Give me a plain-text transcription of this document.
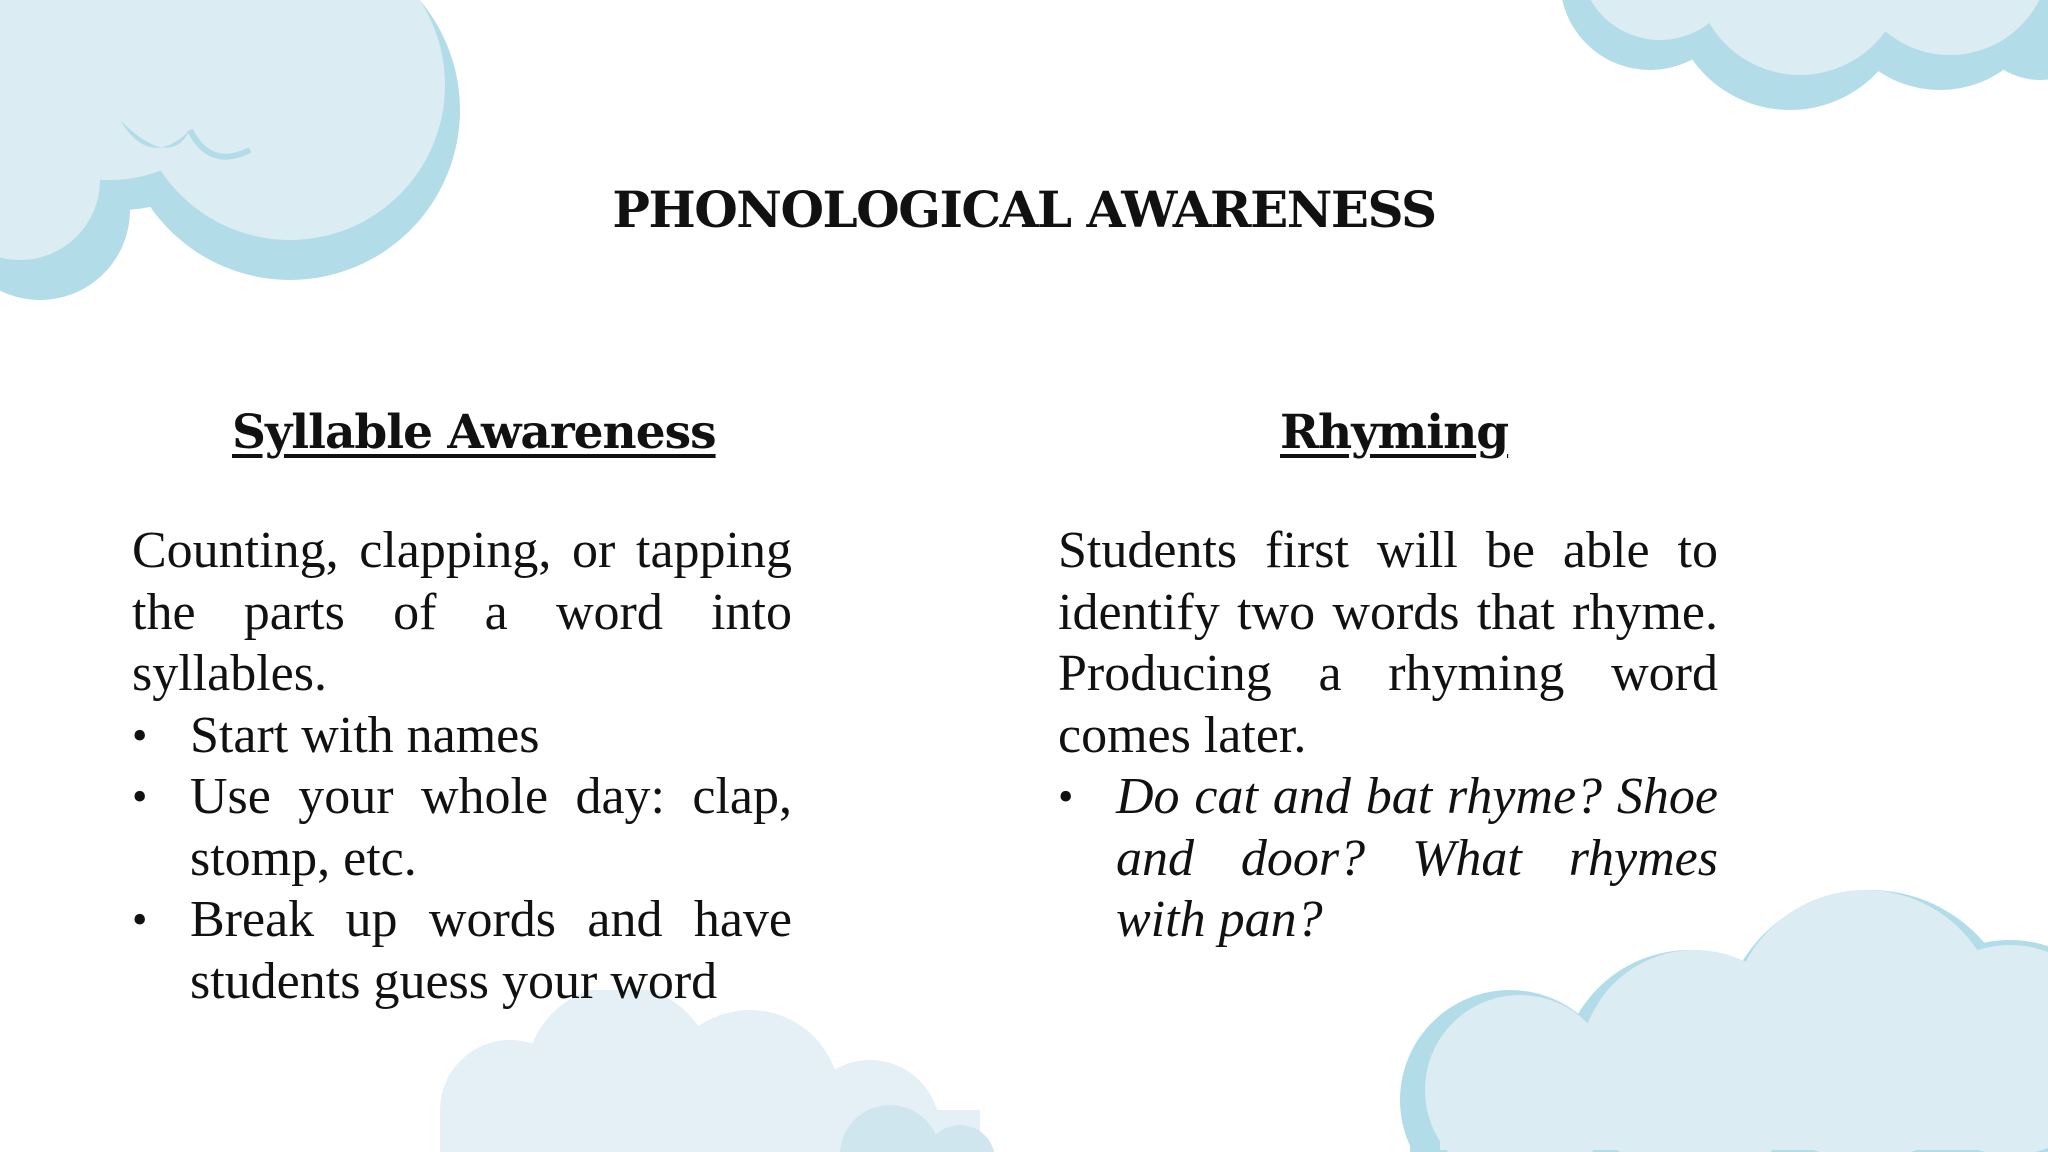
PHONOLOGICAL AWARENESS
Syllable Awareness

Counting, clapping, or tapping the parts of a word into syllables.

• Start with names
• Use your whole day: clap, stomp, etc.
• Break up words and have students guess your word
Rhyming

Students first will be able to identify two words that rhyme. Producing a rhyming word comes later.

• Do cat and bat rhyme? Shoe and door? What rhymes with pan?
